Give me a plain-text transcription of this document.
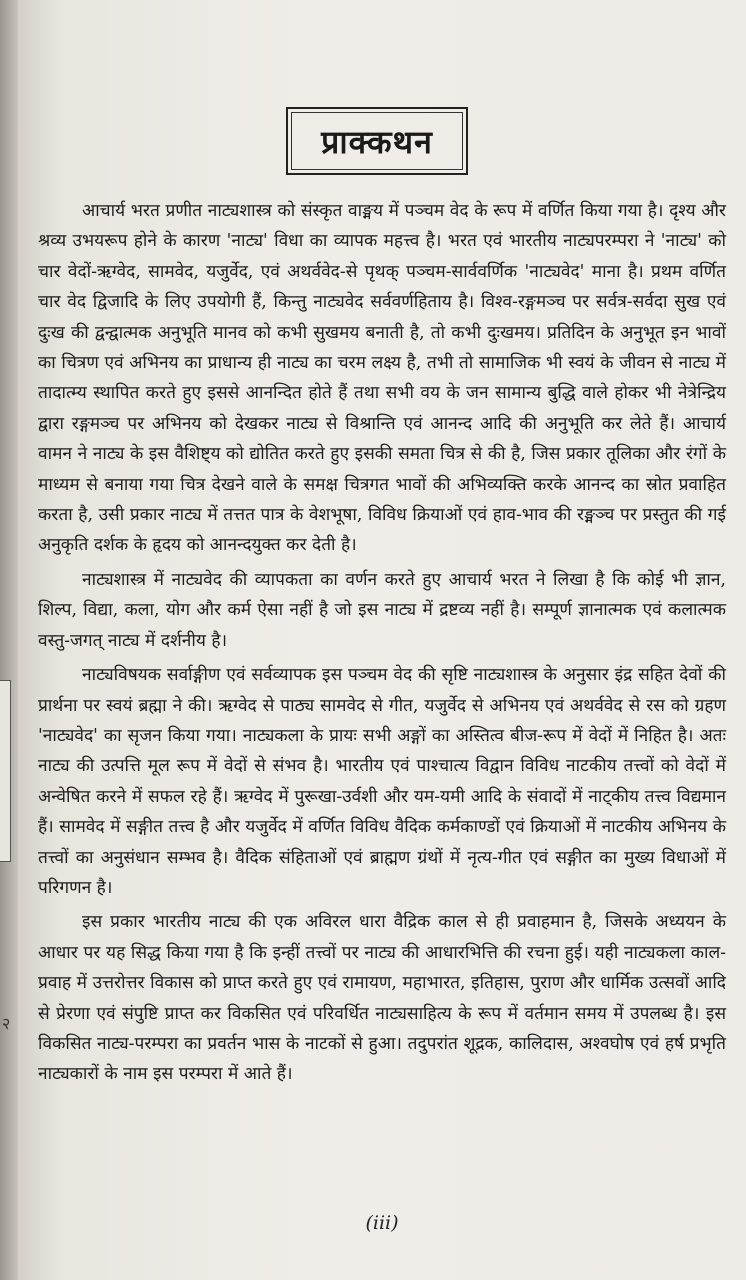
प्राक्कथन

आचार्य भरत प्रणीत नाट्यशास्त्र को संस्कृत वाङ्मय में पञ्चम वेद के रूप में वर्णित किया गया है। दृश्य और श्रव्य उभयरूप होने के कारण 'नाट्य' विधा का व्यापक महत्त्व है। भरत एवं भारतीय नाट्यपरम्परा ने 'नाट्य' को चार वेदों-ऋग्वेद, सामवेद, यजुर्वेद, एवं अथर्ववेद-से पृथक् पञ्चम-सार्ववर्णिक 'नाट्यवेद' माना है। प्रथम वर्णित चार वेद द्विजादि के लिए उपयोगी हैं, किन्तु नाट्यवेद सर्ववर्णहिताय है। विश्व-रङ्गमञ्च पर सर्वत्र-सर्वदा सुख एवं दुःख की द्वन्द्वात्मक अनुभूति मानव को कभी सुखमय बनाती है, तो कभी दुःखमय। प्रतिदिन के अनुभूत इन भावों का चित्रण एवं अभिनय का प्राधान्य ही नाट्य का चरम लक्ष्य है, तभी तो सामाजिक भी स्वयं के जीवन से नाट्य में तादात्म्य स्थापित करते हुए इससे आनन्दित होते हैं तथा सभी वय के जन सामान्य बुद्धि वाले होकर भी नेत्रेन्द्रिय द्वारा रङ्गमञ्च पर अभिनय को देखकर नाट्य से विश्रान्ति एवं आनन्द आदि की अनुभूति कर लेते हैं। आचार्य वामन ने नाट्य के इस वैशिष्ट्य को द्योतित करते हुए इसकी समता चित्र से की है, जिस प्रकार तूलिका और रंगों के माध्यम से बनाया गया चित्र देखने वाले के समक्ष चित्रगत भावों की अभिव्यक्ति करके आनन्द का स्रोत प्रवाहित करता है, उसी प्रकार नाट्य में तत्तत पात्र के वेशभूषा, विविध क्रियाओं एवं हाव-भाव की रङ्मञ्च पर प्रस्तुत की गई अनुकृति दर्शक के हृदय को आनन्दयुक्त कर देती है।

नाट्यशास्त्र में नाट्यवेद की व्यापकता का वर्णन करते हुए आचार्य भरत ने लिखा है कि कोई भी ज्ञान, शिल्प, विद्या, कला, योग और कर्म ऐसा नहीं है जो इस नाट्य में द्रष्टव्य नहीं है। सम्पूर्ण ज्ञानात्मक एवं कलात्मक वस्तु-जगत् नाट्य में दर्शनीय है।

नाट्यविषयक सर्वाङ्गीण एवं सर्वव्यापक इस पञ्चम वेद की सृष्टि नाट्यशास्त्र के अनुसार इंद्र सहित देवों की प्रार्थना पर स्वयं ब्रह्मा ने की। ऋग्वेद से पाठ्य सामवेद से गीत, यजुर्वेद से अभिनय एवं अथर्ववेद से रस को ग्रहण 'नाट्यवेद' का सृजन किया गया। नाट्यकला के प्रायः सभी अङ्गों का अस्तित्व बीज-रूप में वेदों में निहित है। अतः नाट्य की उत्पत्ति मूल रूप में वेदों से संभव है। भारतीय एवं पाश्चात्य विद्वान विविध नाटकीय तत्त्वों को वेदों में अन्वेषित करने में सफल रहे हैं। ऋग्वेद में पुरूखा-उर्वशी और यम-यमी आदि के संवादों में नाट्कीय तत्त्व विद्यमान हैं। सामवेद में सङ्गीत तत्त्व है और यजुर्वेद में वर्णित विविध वैदिक कर्मकाण्डों एवं क्रियाओं में नाटकीय अभिनय के तत्त्वों का अनुसंधान सम्भव है। वैदिक संहिताओं एवं ब्राह्मण ग्रंथों में नृत्य-गीत एवं सङ्गीत का मुख्य विधाओं में परिगणन है।

इस प्रकार भारतीय नाट्य की एक अविरल धारा वैद्रिक काल से ही प्रवाहमान है, जिसके अध्ययन के आधार पर यह सिद्ध किया गया है कि इन्हीं तत्त्वों पर नाट्य की आधारभित्ति की रचना हुई। यही नाट्यकला काल-प्रवाह में उत्तरोत्तर विकास को प्राप्त करते हुए एवं रामायण, महाभारत, इतिहास, पुराण और धार्मिक उत्सवों आदि से प्रेरणा एवं संपुष्टि प्राप्त कर विकसित एवं परिवर्धित नाट्यसाहित्य के रूप में वर्तमान समय में उपलब्ध है। इस विकसित नाट्य-परम्परा का प्रवर्तन भास के नाटकों से हुआ। तदुपरांत शूद्रक, कालिदास, अश्वघोष एवं हर्ष प्रभृति नाट्यकारों के नाम इस परम्परा में आते हैं।

(iii)
२
